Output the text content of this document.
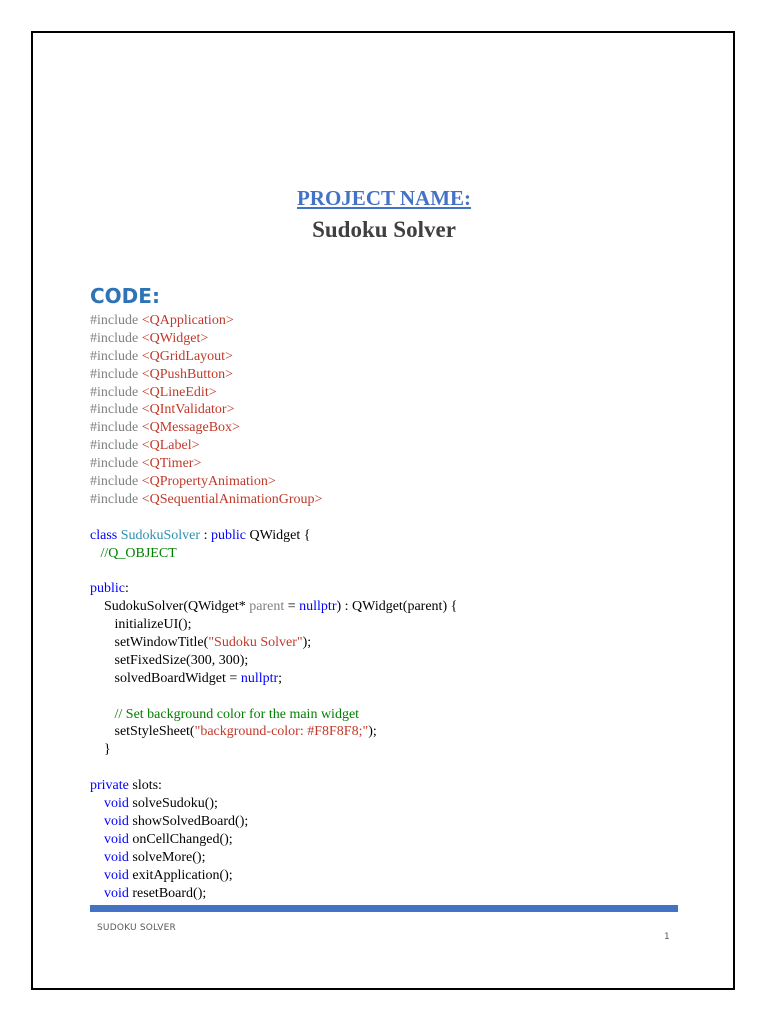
PROJECT NAME:
Sudoku Solver
CODE:
#include <QApplication>
#include <QWidget>
#include <QGridLayout>
#include <QPushButton>
#include <QLineEdit>
#include <QIntValidator>
#include <QMessageBox>
#include <QLabel>
#include <QTimer>
#include <QPropertyAnimation>
#include <QSequentialAnimationGroup>
class SudokuSolver : public QWidget {
//Q_OBJECT
public:
SudokuSolver(QWidget* parent = nullptr) : QWidget(parent) {
initializeUI();
setWindowTitle("Sudoku Solver");
setFixedSize(300, 300);
solvedBoardWidget = nullptr;
// Set background color for the main widget
setStyleSheet("background-color: #F8F8F8;");
}
private slots:
void solveSudoku();
void showSolvedBoard();
void onCellChanged();
void solveMore();
void exitApplication();
void resetBoard();
SUDOKU SOLVER
1
